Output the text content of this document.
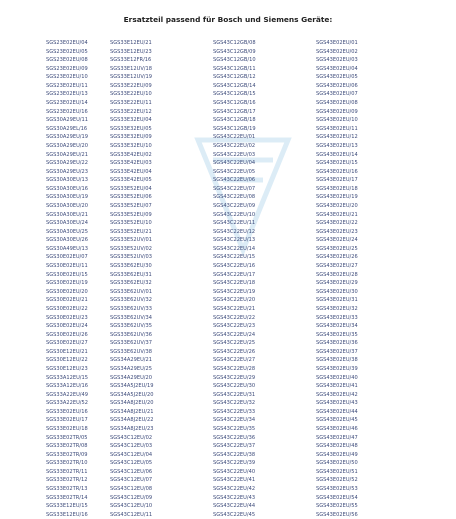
Ersatzteil passend für Bosch und Siemens Geräte:
SGS23E02EU/04
SGS23E02EU/05
SGS23E02EU/08
SGS23E02EU/09
SGS23E02EU/10
SGS23E02EU/11
SGS23E02EU/13
SGS23E02EU/14
SGS23E02EU/16
SGS30A29EU/11
SGS30A29EL/16
SGS30A29EU/19
SGS30A29EU/20
SGS30A29EU/21
SGS30A29EU/22
SGS30A29EU/23
SGS30A30EU/13
SGS30A30EU/16
SGS30A30EU/19
SGS30A30EU/20
SGS30A30EU/21
SGS30A30EU/24
SGS30A30EU/25
SGS30A30EU/26
SGS30A49EU/13
SGS30E02EU/07
SGS30E02EU/11
SGS30E02EU/15
SGS30E02EU/19
SGS30E02EU/20
SGS30E02EU/21
SGS30E02EU/22
SGS30E02EU/23
SGS30E02EU/24
SGS30E02EU/26
SGS30E02EU/27
SGS30E12EU/21
SGS30E12EU/22
SGS30E12EU/23
SGS33A12EU/15
SGS33A12EU/16
SGS33A22EU/49
SGS33A22EU/52
SGS33E02EU/16
SGS33E02EU/17
SGS33E02EU/18
SGS33E02TR/05
SGS33E02TR/08
SGS33E02TR/09
SGS33E02TR/10
SGS33E02TR/11
SGS33E02TR/12
SGS33E02TR/13
SGS33E02TR/14
SGS33E12EU/15
SGS33E12EU/16
SGS33E12EU/21
SGS33E12EU/23
SGS33E12FR/16
SGS33E12UV/18
SGS33E12UV/19
SGS33E22EU/09
SGS33E22EU/10
SGS33E22EU/11
SGS33E22EU/12
SGS33E32EU/04
SGS33E32EU/05
SGS33E32EU/09
SGS33E32EU/10
SGS33E42EU/02
SGS33E42EU/03
SGS33E42EU/04
SGS33E42EU/05
SGS33E52EU/04
SGS33E52EU/06
SGS33E52EU/07
SGS33E52EU/09
SGS33E52EU/10
SGS33E52EU/21
SGS33E52UV/01
SGS33E52UV/02
SGS33E52UV/03
SGS33E62EU/30
SGS33E62EU/31
SGS33E62EU/32
SGS33E62UV/01
SGS33E62UV/32
SGS33E62UV/33
SGS33E62UV/34
SGS33E62UV/35
SGS33E62UV/36
SGS33E62UV/37
SGS33E62UV/38
SGS34A29EU/21
SGS34A29EU/25
SGS34A29EU/20
SGS34A5J2EU/19
SGS34A5J2EU/20
SGS34A8J2EU/20
SGS34A8J2EU/21
SGS34A8J2EU/22
SGS34A8J2EU/23
SGS43C12EU/02
SGS43C12EU/03
SGS43C12EU/04
SGS43C12EU/05
SGS43C12EU/06
SGS43C12EU/07
SGS43C12EU/08
SGS43C12EU/09
SGS43C12EU/10
SGS43C12EU/11
SGS43C12GB/08
SGS43C12GB/09
SGS43C12GB/10
SGS43C12GB/11
SGS43C12GB/12
SGS43C12GB/14
SGS43C12GB/15
SGS43C12GB/16
SGS43C12GB/17
SGS43C12GB/18
SGS43C12GB/19
SGS43C22EU/01
SGS43C22EU/02
SGS43C22EU/03
SGS43C22EU/04
SGS43C22EU/05
SGS43C22EU/06
SGS43C22EU/07
SGS43C22EU/08
SGS43C22EU/09
SGS43C22EU/10
SGS43C22EU/11
SGS43C22EU/12
SGS43C22EU/13
SGS43C22EU/14
SGS43C22EU/15
SGS43C22EU/16
SGS43C22EU/17
SGS43C22EU/18
SGS43C22EU/19
SGS43C22EU/20
SGS43C22EU/21
SGS43C22EU/22
SGS43C22EU/23
SGS43C22EU/24
SGS43C22EU/25
SGS43C22EU/26
SGS43C22EU/27
SGS43C22EU/28
SGS43C22EU/29
SGS43C22EU/30
SGS43C22EU/31
SGS43C22EU/32
SGS43C22EU/33
SGS43C22EU/34
SGS43C22EU/35
SGS43C22EU/36
SGS43C22EU/37
SGS43C22EU/38
SGS43C22EU/39
SGS43C22EU/40
SGS43C22EU/41
SGS43C22EU/42
SGS43C22EU/43
SGS43C22EU/44
SGS43C22EU/45
SGS43E02EU/01
SGS43E02EU/02
SGS43E02EU/03
SGS43E02EU/04
SGS43E02EU/05
SGS43E02EU/06
SGS43E02EU/07
SGS43E02EU/08
SGS43E02EU/09
SGS43E02EU/10
SGS43E02EU/11
SGS43E02EU/12
SGS43E02EU/13
SGS43E02EU/14
SGS43E02EU/15
SGS43E02EU/16
SGS43E02EU/17
SGS43E02EU/18
SGS43E02EU/19
SGS43E02EU/20
SGS43E02EU/21
SGS43E02EU/22
SGS43E02EU/23
SGS43E02EU/24
SGS43E02EU/25
SGS43E02EU/26
SGS43E02EU/27
SGS43E02EU/28
SGS43E02EU/29
SGS43E02EU/30
SGS43E02EU/31
SGS43E02EU/32
SGS43E02EU/33
SGS43E02EU/34
SGS43E02EU/35
SGS43E02EU/36
SGS43E02EU/37
SGS43E02EU/38
SGS43E02EU/39
SGS43E02EU/40
SGS43E02EU/41
SGS43E02EU/42
SGS43E02EU/43
SGS43E02EU/44
SGS43E02EU/45
SGS43E02EU/46
SGS43E02EU/47
SGS43E02EU/48
SGS43E02EU/49
SGS43E02EU/50
SGS43E02EU/51
SGS43E02EU/52
SGS43E02EU/53
SGS43E02EU/54
SGS43E02EU/55
SGS43E02EU/56
